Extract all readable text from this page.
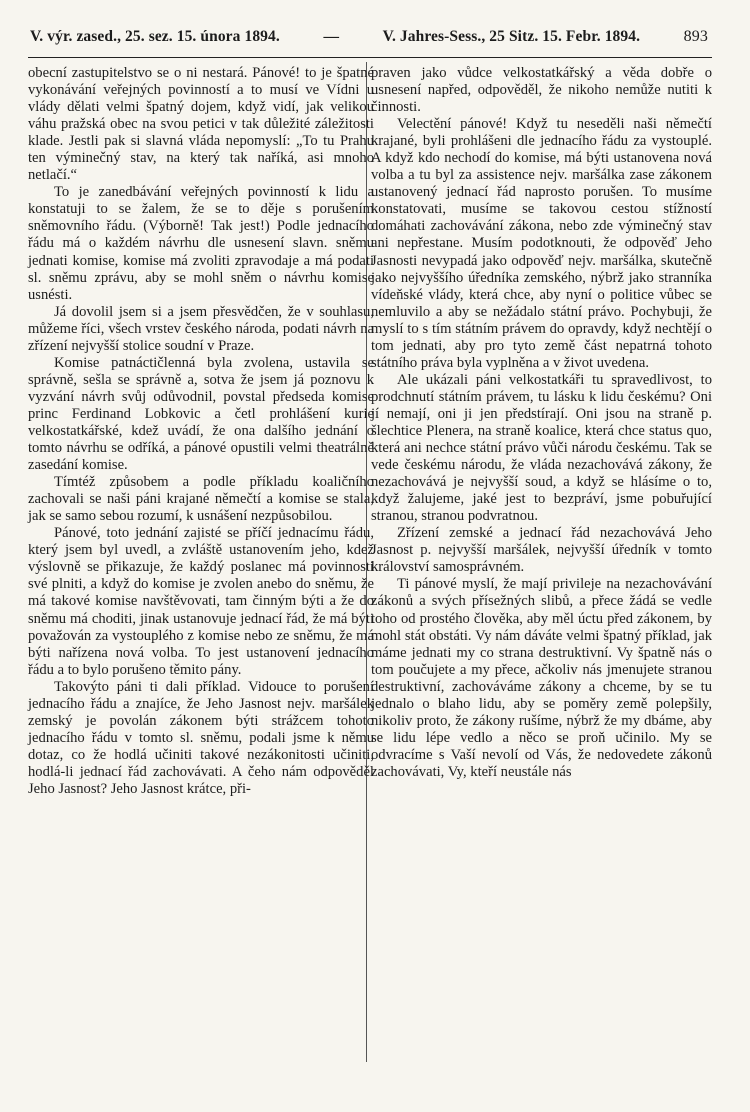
V. výr. zased., 25. sez. 15. února 1894.	—	V. Jahres-Sess., 25 Sitz. 15. Febr. 1894.	893

obecní zastupitelstvo se o ni nestará. Pánové! to je špatné vykonávání veřejných povinností a to musí ve Vídni u vlády dělati velmi špatný dojem, když vidí, jak velikou váhu pražská obec na svou petici v tak důležité záležitosti klade. Jestli pak si slavná vláda nepomyslí: „To tu Prahu ten výminečný stav, na který tak naříká, asi mnoho netlačí.“

To je zanedbávání veřejných povinností k lidu a konstatuji to se žalem, že se to děje s porušením sněmovního řádu. (Výborně! Tak jest!) Podle jednacího řádu má o každém návrhu dle usnesení slavn. sněmu jednati komise, komise má zvoliti zpravodaje a má podati sl. sněmu zprávu, aby se mohl sněm o návrhu komise usnésti.

Já dovolil jsem si a jsem přesvědčen, že v souhlasu, můžeme říci, všech vrstev českého národa, podati návrh na zřízení nejvyšší stolice soudní v Praze.

Komise patnáctičlenná byla zvolena, ustavila se správně, sešla se správně a, sotva že jsem já poznovu k vyzvání návrh svůj odůvodnil, povstal předseda komise princ Ferdinand Lobkovic a četl prohlášení kurie velkostatkářské, kdež uvádí, že ona dalšího jednání o tomto návrhu se odříká, a pánové opustili velmi theatrálně zasedání komise.

Tímtéž způsobem a podle příkladu koaličního zachovali se naši páni krajané němečtí a komise se stala, jak se samo sebou rozumí, k usnášení nezpůsobilou.

Pánové, toto jednání zajisté se příčí jednacímu řádu, který jsem byl uvedl, a zvláště ustanovením jeho, kdež výslovně se přikazuje, že každý poslanec má povinnosti své plniti, a když do komise je zvolen anebo do sněmu, že má takové komise navštěvovati, tam činným býti a že do sněmu má choditi, jinak ustanovuje jednací řád, že má býti považován za vystouplého z komise nebo ze sněmu, že má býti nařízena nová volba. To jest ustanovení jednacího řádu a to bylo porušeno těmito pány.

Takovýto páni ti dali příklad. Vidouce to porušení jednacího řádu a znajíce, že Jeho Jasnost nejv. maršálek zemský je povolán zákonem býti strážcem tohoto jednacího řádu v tomto sl. sněmu, podali jsme k němu dotaz, co že hodlá učiniti takové nezákonitosti učiniti, hodlá-li jednací řád zachovávati. A čeho nám odpověděl Jeho Jasnost? Jeho Jasnost krátce, při-

praven jako vůdce velkostatkářský a věda dobře o usnesení napřed, odpověděl, že nikoho nemůže nutiti k činnosti.

Velectění pánové! Když tu neseděli naši němečtí krajané, byli prohlášeni dle jednacího řádu za vystouplé. A když kdo nechodí do komise, má býti ustanovena nová volba a tu byl za assistence nejv. maršálka zase zákonem ustanovený jednací řád naprosto porušen. To musíme konstatovati, musíme se takovou cestou stížností domáhati zachovávání zákona, nebo zde výminečný stav ani nepřestane. Musím podotknouti, že odpověď Jeho Jasnosti nevypadá jako odpověď nejv. maršálka, skutečně jako nejvyššího úředníka zemského, nýbrž jako stranníka vídeňské vlády, která chce, aby nyní o politice vůbec se nemluvilo a aby se nežádalo státní právo. Pochybuji, že myslí to s tím státním právem do opravdy, když nechtějí o tom jednati, aby pro tyto země část nepatrná tohoto státního práva byla vyplněna a v život uvedena.

Ale ukázali páni velkostatkáři tu spravedlivost, to prodchnutí státním právem, tu lásku k lidu českému? Oni jí nemají, oni ji jen předstírají. Oni jsou na straně p. šlechtice Plenera, na straně koalice, která chce status quo, která ani nechce státní právo vůči národu českému. Tak se vede českému národu, že vláda nezachovává zákony, že nezachovává je nejvyšší soud, a když se hlásíme o to, když žalujeme, jaké jest to bezpráví, jsme pobuřující stranou, stranou podvratnou.

Zřízení zemské a jednací řád nezachovává Jeho Jasnost p. nejvyšší maršálek, nejvyšší úředník v tomto království samosprávném.

Ti pánové myslí, že mají privileje na nezachovávání zákonů a svých přísežných slibů, a přece žádá se vedle toho od prostého člověka, aby měl úctu před zákonem, by mohl stát obstáti. Vy nám dáváte velmi špatný příklad, jak máme jednati my co strana destruktivní. Vy špatně nás o tom poučujete a my přece, ačkoliv nás jmenujete stranou destruktivní, zachováváme zákony a chceme, by se tu jednalo o blaho lidu, aby se poměry země polepšily, nikoliv proto, že zákony rušíme, nýbrž že my dbáme, aby se lidu lépe vedlo a něco se proň učinilo. My se odvracíme s Vaší nevolí od Vás, že nedovedete zákonů zachovávati, Vy, kteří neustále nás
